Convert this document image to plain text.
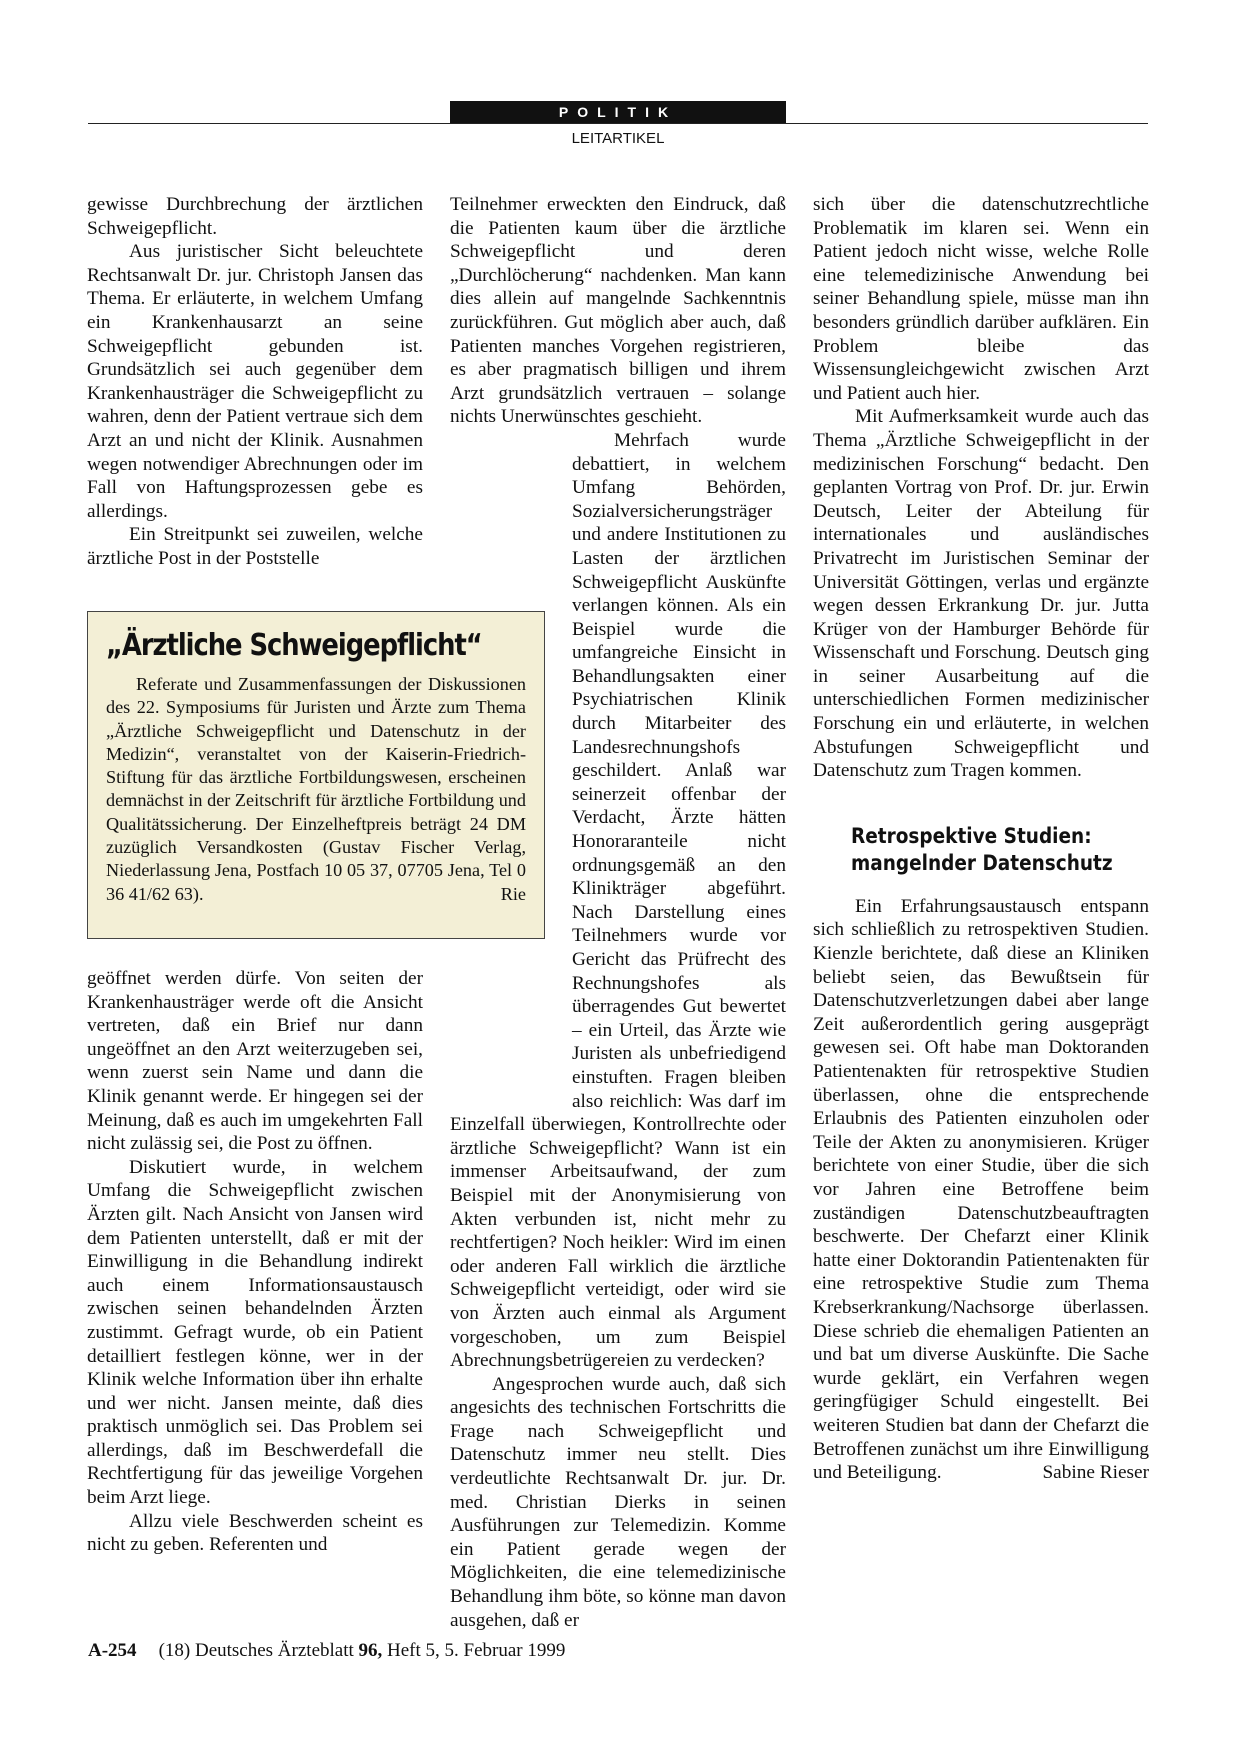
POLITIK
LEITARTIKEL

gewisse Durchbrechung der ärztlichen Schweigepflicht.

Aus juristischer Sicht beleuchtete Rechtsanwalt Dr. jur. Christoph Jansen das Thema. Er erläuterte, in welchem Umfang ein Krankenhausarzt an seine Schweigepflicht gebunden ist. Grundsätzlich sei auch gegenüber dem Krankenhausträger die Schweigepflicht zu wahren, denn der Patient vertraue sich dem Arzt an und nicht der Klinik. Ausnahmen wegen notwendiger Abrechnungen oder im Fall von Haftungsprozessen gebe es allerdings.

Ein Streitpunkt sei zuweilen, welche ärztliche Post in der Poststelle

„Ärztliche Schweigepflicht“

Referate und Zusammenfassungen der Diskussionen des 22. Symposiums für Juristen und Ärzte zum Thema „Ärztliche Schweigepflicht und Datenschutz in der Medizin“, veranstaltet von der Kaiserin-Friedrich-Stiftung für das ärztliche Fortbildungswesen, erscheinen demnächst in der Zeitschrift für ärztliche Fortbildung und Qualitätssicherung. Der Einzelheftpreis beträgt 24 DM zuzüglich Versandkosten (Gustav Fischer Verlag, Niederlassung Jena, Postfach 10 05 37, 07705 Jena, Tel 0 36 41/62 63).	Rie

geöffnet werden dürfe. Von seiten der Krankenhausträger werde oft die Ansicht vertreten, daß ein Brief nur dann ungeöffnet an den Arzt weiterzugeben sei, wenn zuerst sein Name und dann die Klinik genannt werde. Er hingegen sei der Meinung, daß es auch im umgekehrten Fall nicht zulässig sei, die Post zu öffnen.

Diskutiert wurde, in welchem Umfang die Schweigepflicht zwischen Ärzten gilt. Nach Ansicht von Jansen wird dem Patienten unterstellt, daß er mit der Einwilligung in die Behandlung indirekt auch einem Informationsaustausch zwischen seinen behandelnden Ärzten zustimmt. Gefragt wurde, ob ein Patient detailliert festlegen könne, wer in der Klinik welche Information über ihn erhalte und wer nicht. Jansen meinte, daß dies praktisch unmöglich sei. Das Problem sei allerdings, daß im Beschwerdefall die Rechtfertigung für das jeweilige Vorgehen beim Arzt liege.

Allzu viele Beschwerden scheint es nicht zu geben. Referenten und

Teilnehmer erweckten den Eindruck, daß die Patienten kaum über die ärztliche Schweigepflicht und deren „Durchlöcherung“ nachdenken. Man kann dies allein auf mangelnde Sachkenntnis zurückführen. Gut möglich aber auch, daß Patienten manches Vorgehen registrieren, es aber pragmatisch billigen und ihrem Arzt grundsätzlich vertrauen – solange nichts Unerwünschtes geschieht.

Mehrfach wurde debattiert, in welchem Umfang Behörden, Sozialversicherungsträger und andere Institutionen zu Lasten der ärztlichen Schweigepflicht Auskünfte verlangen können. Als ein Beispiel wurde die umfangreiche Einsicht in Behandlungsakten einer Psychiatrischen Klinik durch Mitarbeiter des Landesrechnungshofs geschildert. Anlaß war seinerzeit offenbar der Verdacht, Ärzte hätten Honoraranteile nicht ordnungsgemäß an den Klinikträger abgeführt. Nach Darstellung eines Teilnehmers wurde vor Gericht das Prüfrecht des Rechnungshofes als überragendes Gut bewertet – ein Urteil, das Ärzte wie Juristen als unbefriedigend einstuften. Fragen bleiben also reichlich: Was darf im Einzelfall überwiegen, Kontrollrechte oder ärztliche Schweigepflicht? Wann ist ein immenser Arbeitsaufwand, der zum Beispiel mit der Anonymisierung von Akten verbunden ist, nicht mehr zu rechtfertigen? Noch heikler: Wird im einen oder anderen Fall wirklich die ärztliche Schweigepflicht verteidigt, oder wird sie von Ärzten auch einmal als Argument vorgeschoben, um zum Beispiel Abrechnungsbetrügereien zu verdecken?

Angesprochen wurde auch, daß sich angesichts des technischen Fortschritts die Frage nach Schweigepflicht und Datenschutz immer neu stellt. Dies verdeutlichte Rechtsanwalt Dr. jur. Dr. med. Christian Dierks in seinen Ausführungen zur Telemedizin. Komme ein Patient gerade wegen der Möglichkeiten, die eine telemedizinische Behandlung ihm böte, so könne man davon ausgehen, daß er

sich über die datenschutzrechtliche Problematik im klaren sei. Wenn ein Patient jedoch nicht wisse, welche Rolle eine telemedizinische Anwendung bei seiner Behandlung spiele, müsse man ihn besonders gründlich darüber aufklären. Ein Problem bleibe das Wissensungleichgewicht zwischen Arzt und Patient auch hier.

Mit Aufmerksamkeit wurde auch das Thema „Ärztliche Schweigepflicht in der medizinischen Forschung“ bedacht. Den geplanten Vortrag von Prof. Dr. jur. Erwin Deutsch, Leiter der Abteilung für internationales und ausländisches Privatrecht im Juristischen Seminar der Universität Göttingen, verlas und ergänzte wegen dessen Erkrankung Dr. jur. Jutta Krüger von der Hamburger Behörde für Wissenschaft und Forschung. Deutsch ging in seiner Ausarbeitung auf die unterschiedlichen Formen medizinischer Forschung ein und erläuterte, in welchen Abstufungen Schweigepflicht und Datenschutz zum Tragen kommen.

Retrospektive Studien:
mangelnder Datenschutz

Ein Erfahrungsaustausch entspann sich schließlich zu retrospektiven Studien. Kienzle berichtete, daß diese an Kliniken beliebt seien, das Bewußtsein für Datenschutzverletzungen dabei aber lange Zeit außerordentlich gering ausgeprägt gewesen sei. Oft habe man Doktoranden Patientenakten für retrospektive Studien überlassen, ohne die entsprechende Erlaubnis des Patienten einzuholen oder Teile der Akten zu anonymisieren. Krüger berichtete von einer Studie, über die sich vor Jahren eine Betroffene beim zuständigen Datenschutzbeauftragten beschwerte. Der Chefarzt einer Klinik hatte einer Doktorandin Patientenakten für eine retrospektive Studie zum Thema Krebserkrankung/Nachsorge überlassen. Diese schrieb die ehemaligen Patienten an und bat um diverse Auskünfte. Die Sache wurde geklärt, ein Verfahren wegen geringfügiger Schuld eingestellt. Bei weiteren Studien bat dann der Chefarzt die Betroffenen zunächst um ihre Einwilligung und Beteiligung.	Sabine Rieser

A-254 (18) Deutsches Ärzteblatt 96, Heft 5, 5. Februar 1999
